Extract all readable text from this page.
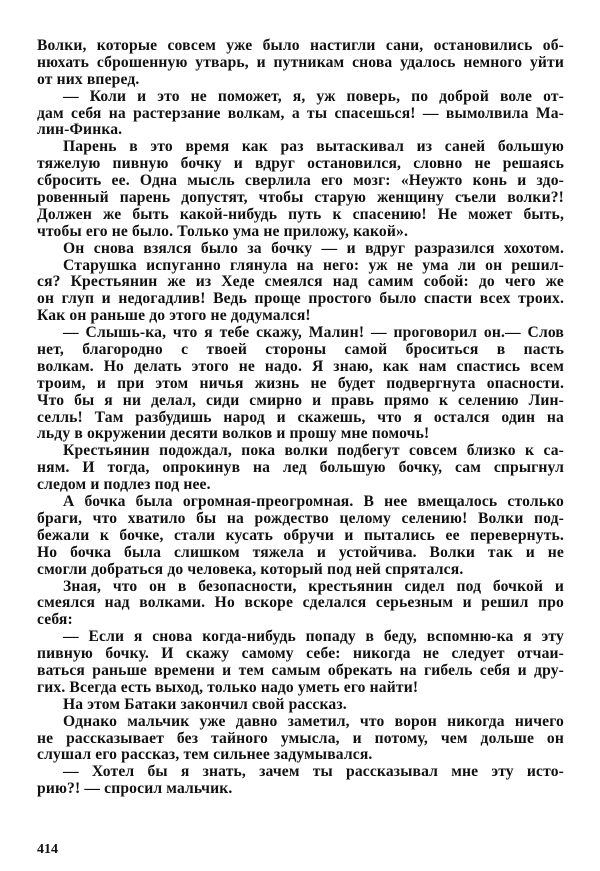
Волки, которые совсем уже было настигли сани, остановились об-
нюхать сброшенную утварь, и путникам снова удалось немного уйти
от них вперед.
— Коли и это не поможет, я, уж поверь, по доброй воле от-
дам себя на растерзание волкам, а ты спасешься! — вымолвила Ма-
лин-Финка.
Парень в это время как раз вытаскивал из саней большую
тяжелую пивную бочку и вдруг остановился, словно не решаясь
сбросить ее. Одна мысль сверлила его мозг: «Неужто конь и здо-
ровенный парень допустят, чтобы старую женщину съели волки?!
Должен же быть какой-нибудь путь к спасению! Не может быть,
чтобы его не было. Только ума не приложу, какой».
Он снова взялся было за бочку — и вдруг разразился хохотом.
Старушка испуганно глянула на него: уж не ума ли он решил-
ся? Крестьянин же из Хеде смеялся над самим собой: до чего же
он глуп и недогадлив! Ведь проще простого было спасти всех троих.
Как он раньше до этого не додумался!
— Слышь-ка, что я тебе скажу, Малин! — проговорил он.— Слов
нет, благородно с твоей стороны самой броситься в пасть
волкам. Но делать этого не надо. Я знаю, как нам спастись всем
троим, и при этом ничья жизнь не будет подвергнута опасности.
Что бы я ни делал, сиди смирно и правь прямо к селению Лин-
селль! Там разбудишь народ и скажешь, что я остался один на
льду в окружении десяти волков и прошу мне помочь!
Крестьянин подождал, пока волки подбегут совсем близко к са-
ням. И тогда, опрокинув на лед большую бочку, сам спрыгнул
следом и подлез под нее.
А бочка была огромная-преогромная. В нее вмещалось столько
браги, что хватило бы на рождество целому селению! Волки под-
бежали к бочке, стали кусать обручи и пытались ее перевернуть.
Но бочка была слишком тяжела и устойчива. Волки так и не
смогли добраться до человека, который под ней спрятался.
Зная, что он в безопасности, крестьянин сидел под бочкой и
смеялся над волками. Но вскоре сделался серьезным и решил про
себя:
— Если я снова когда-нибудь попаду в беду, вспомню-ка я эту
пивную бочку. И скажу самому себе: никогда не следует отчаи-
ваться раньше времени и тем самым обрекать на гибель себя и дру-
гих. Всегда есть выход, только надо уметь его найти!
На этом Батаки закончил свой рассказ.
Однако мальчик уже давно заметил, что ворон никогда ничего
не рассказывает без тайного умысла, и потому, чем дольше он
слушал его рассказ, тем сильнее задумывался.
— Хотел бы я знать, зачем ты рассказывал мне эту исто-
рию?! — спросил мальчик.
414
